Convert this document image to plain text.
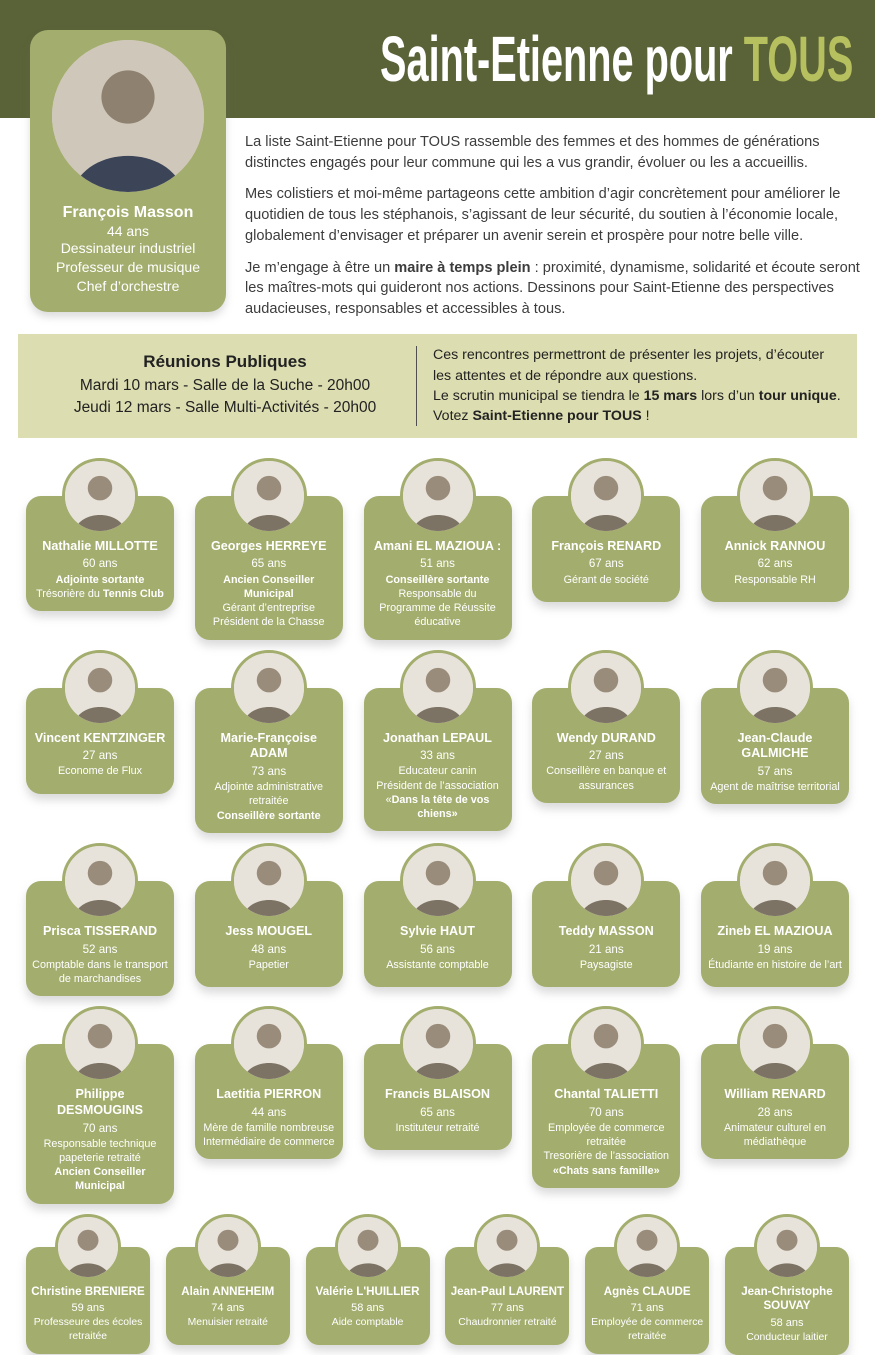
Saint-Etienne pour TOUS
François Masson
44 ans
Dessinateur industriel
Professeur de musique
Chef d’orchestre

La liste Saint-Etienne pour TOUS rassemble des femmes et des hommes de générations distinctes engagés pour leur commune qui les a vus grandir, évoluer ou les a accueillis.

Mes colistiers et moi-même partageons cette ambition d’agir concrètement pour améliorer le quotidien de tous les stéphanois, s’agissant de leur sécurité, du soutien à l’économie locale, globalement d’envisager et préparer un avenir serein et prospère pour notre belle ville.

Je m’engage à être un maire à temps plein : proximité, dynamisme, solidarité et écoute seront les maîtres-mots qui guideront nos actions. Dessinons pour Saint-Etienne des perspectives audacieuses, responsables et accessibles à tous.

Réunions Publiques
Mardi 10 mars - Salle de la Suche - 20h00
Jeudi 12 mars - Salle Multi-Activités - 20h00

Ces rencontres permettront de présenter les projets, d’écouter les attentes et de répondre aux questions.

Le scrutin municipal se tiendra le 15 mars lors d’un tour unique.

Votez Saint-Etienne pour TOUS !

Nathalie MILLOTTE
60 ans
Adjointe sortante
Trésorière du Tennis Club
Georges HERREYE
65 ans
Ancien Conseiller Municipal
Gérant d’entreprise
Président de la Chasse
Amani EL MAZIOUA :
51 ans
Conseillère sortante
Responsable du Programme de Réussite éducative
François RENARD
67 ans
Gérant de société
Annick RANNOU
62 ans
Responsable RH
Vincent KENTZINGER
27 ans
Econome de Flux
Marie-Françoise ADAM
73 ans
Adjointe administrative retraitée
Conseillère sortante
Jonathan LEPAUL
33 ans
Educateur canin
Président de l’association «Dans la tête de vos chiens»
Wendy DURAND
27 ans
Conseillère en banque et assurances
Jean-Claude GALMICHE
57 ans
Agent de maîtrise territorial
Prisca TISSERAND
52 ans
Comptable dans le transport de marchandises
Jess MOUGEL
48 ans
Papetier
Sylvie HAUT
56 ans
Assistante comptable
Teddy MASSON
21 ans
Paysagiste
Zineb EL MAZIOUA
19 ans
Étudiante en histoire de l’art
Philippe DESMOUGINS
70 ans
Responsable technique papeterie retraité
Ancien Conseiller Municipal
Laetitia PIERRON
44 ans
Mère de famille nombreuse
Intermédiaire de commerce
Francis BLAISON
65 ans
Instituteur retraité
Chantal TALIETTI
70 ans
Employée de commerce retraitée
Tresorière de l’association
«Chats sans famille»
William RENARD
28 ans
Animateur culturel en médiathèque
Christine BRENIERE
59 ans
Professeure des écoles retraitée
Alain ANNEHEIM
74 ans
Menuisier retraité
Valérie L'HUILLIER
58 ans
Aide comptable
Jean-Paul LAURENT
77 ans
Chaudronnier retraité
Agnès CLAUDE
71 ans
Employée de commerce retraitée
Jean-Christophe SOUVAY
58 ans
Conducteur laitier
